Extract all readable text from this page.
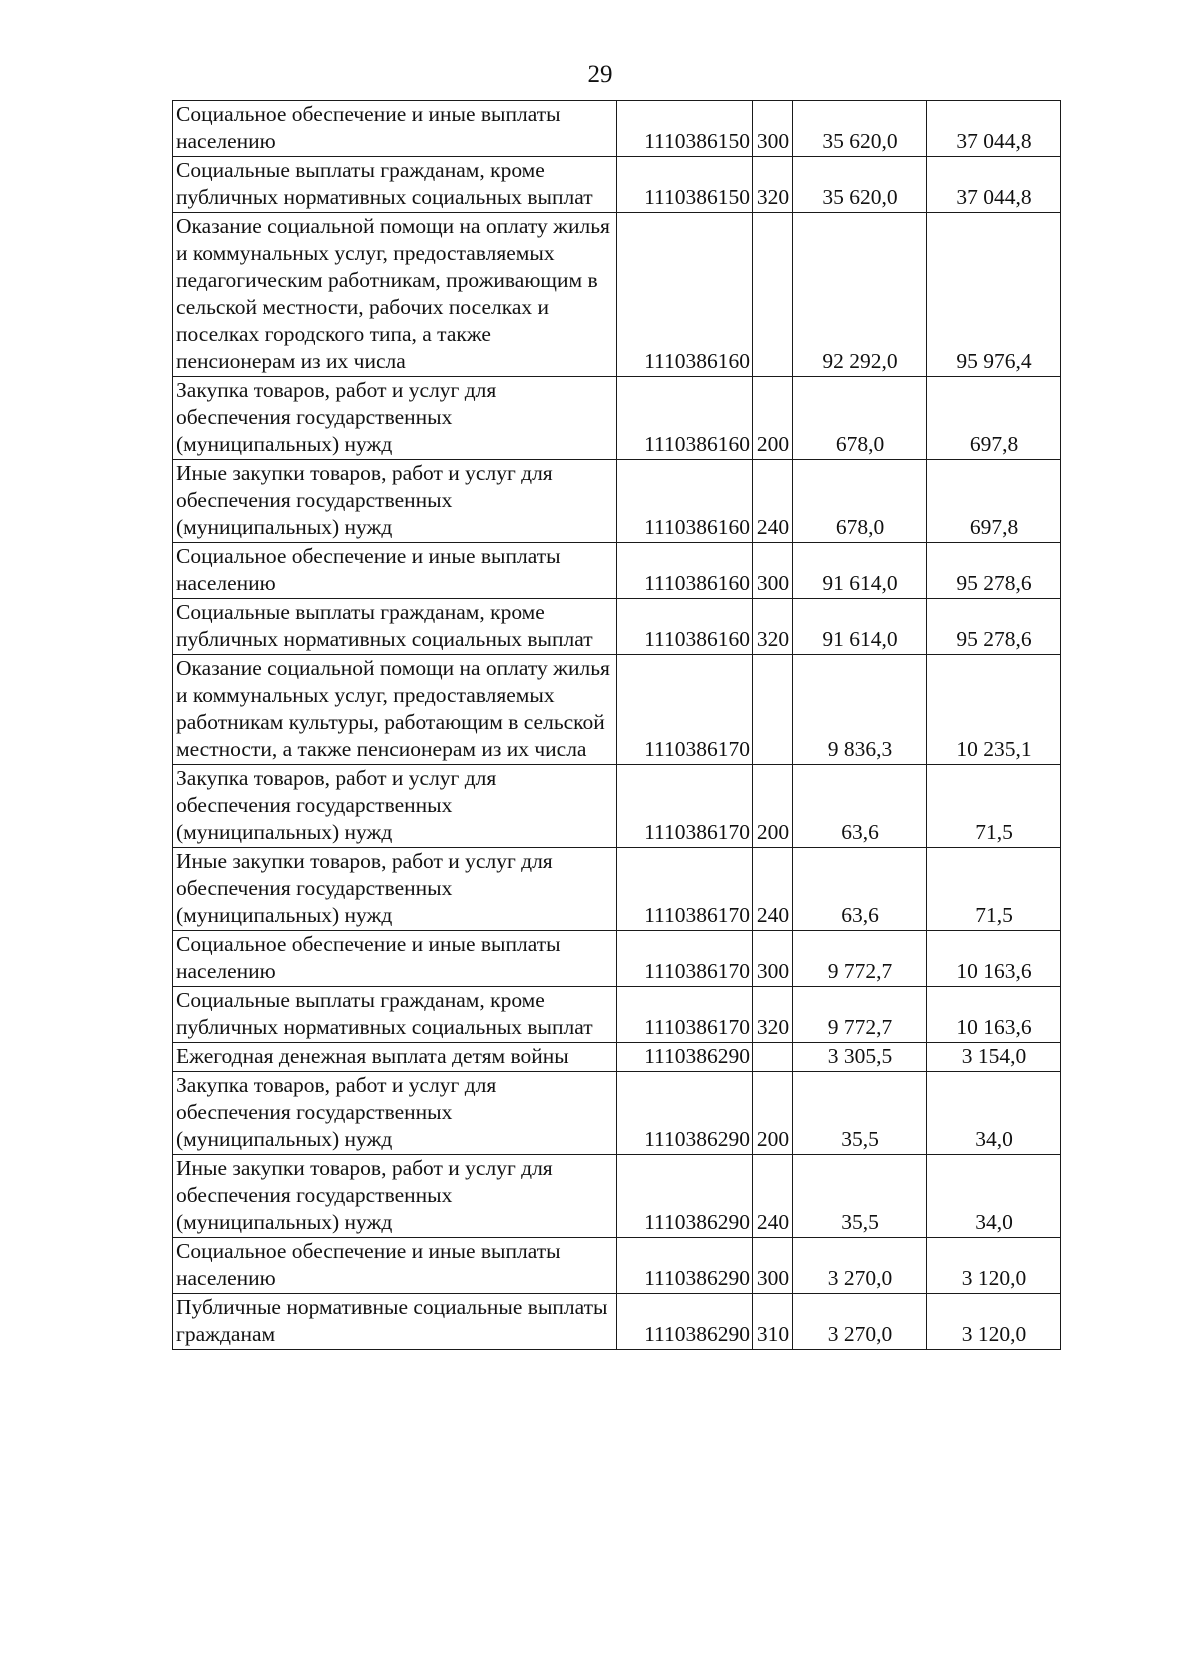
29
Социальное обеспечение и иные выплаты населению	1110386150	300	35 620,0	37 044,8
Социальные выплаты гражданам, кроме публичных нормативных социальных выплат	1110386150	320	35 620,0	37 044,8
Оказание социальной помощи на оплату жилья и коммунальных услуг, предоставляемых педагогическим работникам, проживающим в сельской местности, рабочих поселках и поселках городского типа, а также пенсионерам из их числа	1110386160		92 292,0	95 976,4
Закупка товаров, работ и услуг для обеспечения государственных (муниципальных) нужд	1110386160	200	678,0	697,8
Иные закупки товаров, работ и услуг для обеспечения государственных (муниципальных) нужд	1110386160	240	678,0	697,8
Социальное обеспечение и иные выплаты населению	1110386160	300	91 614,0	95 278,6
Социальные выплаты гражданам, кроме публичных нормативных социальных выплат	1110386160	320	91 614,0	95 278,6
Оказание социальной помощи на оплату жилья и коммунальных услуг, предоставляемых работникам культуры, работающим в сельской местности, а также пенсионерам из их числа	1110386170		9 836,3	10 235,1
Закупка товаров, работ и услуг для обеспечения государственных (муниципальных) нужд	1110386170	200	63,6	71,5
Иные закупки товаров, работ и услуг для обеспечения государственных (муниципальных) нужд	1110386170	240	63,6	71,5
Социальное обеспечение и иные выплаты населению	1110386170	300	9 772,7	10 163,6
Социальные выплаты гражданам, кроме публичных нормативных социальных выплат	1110386170	320	9 772,7	10 163,6
Ежегодная денежная выплата детям войны	1110386290		3 305,5	3 154,0
Закупка товаров, работ и услуг для обеспечения государственных (муниципальных) нужд	1110386290	200	35,5	34,0
Иные закупки товаров, работ и услуг для обеспечения государственных (муниципальных) нужд	1110386290	240	35,5	34,0
Социальное обеспечение и иные выплаты населению	1110386290	300	3 270,0	3 120,0
Публичные нормативные социальные выплаты гражданам	1110386290	310	3 270,0	3 120,0
